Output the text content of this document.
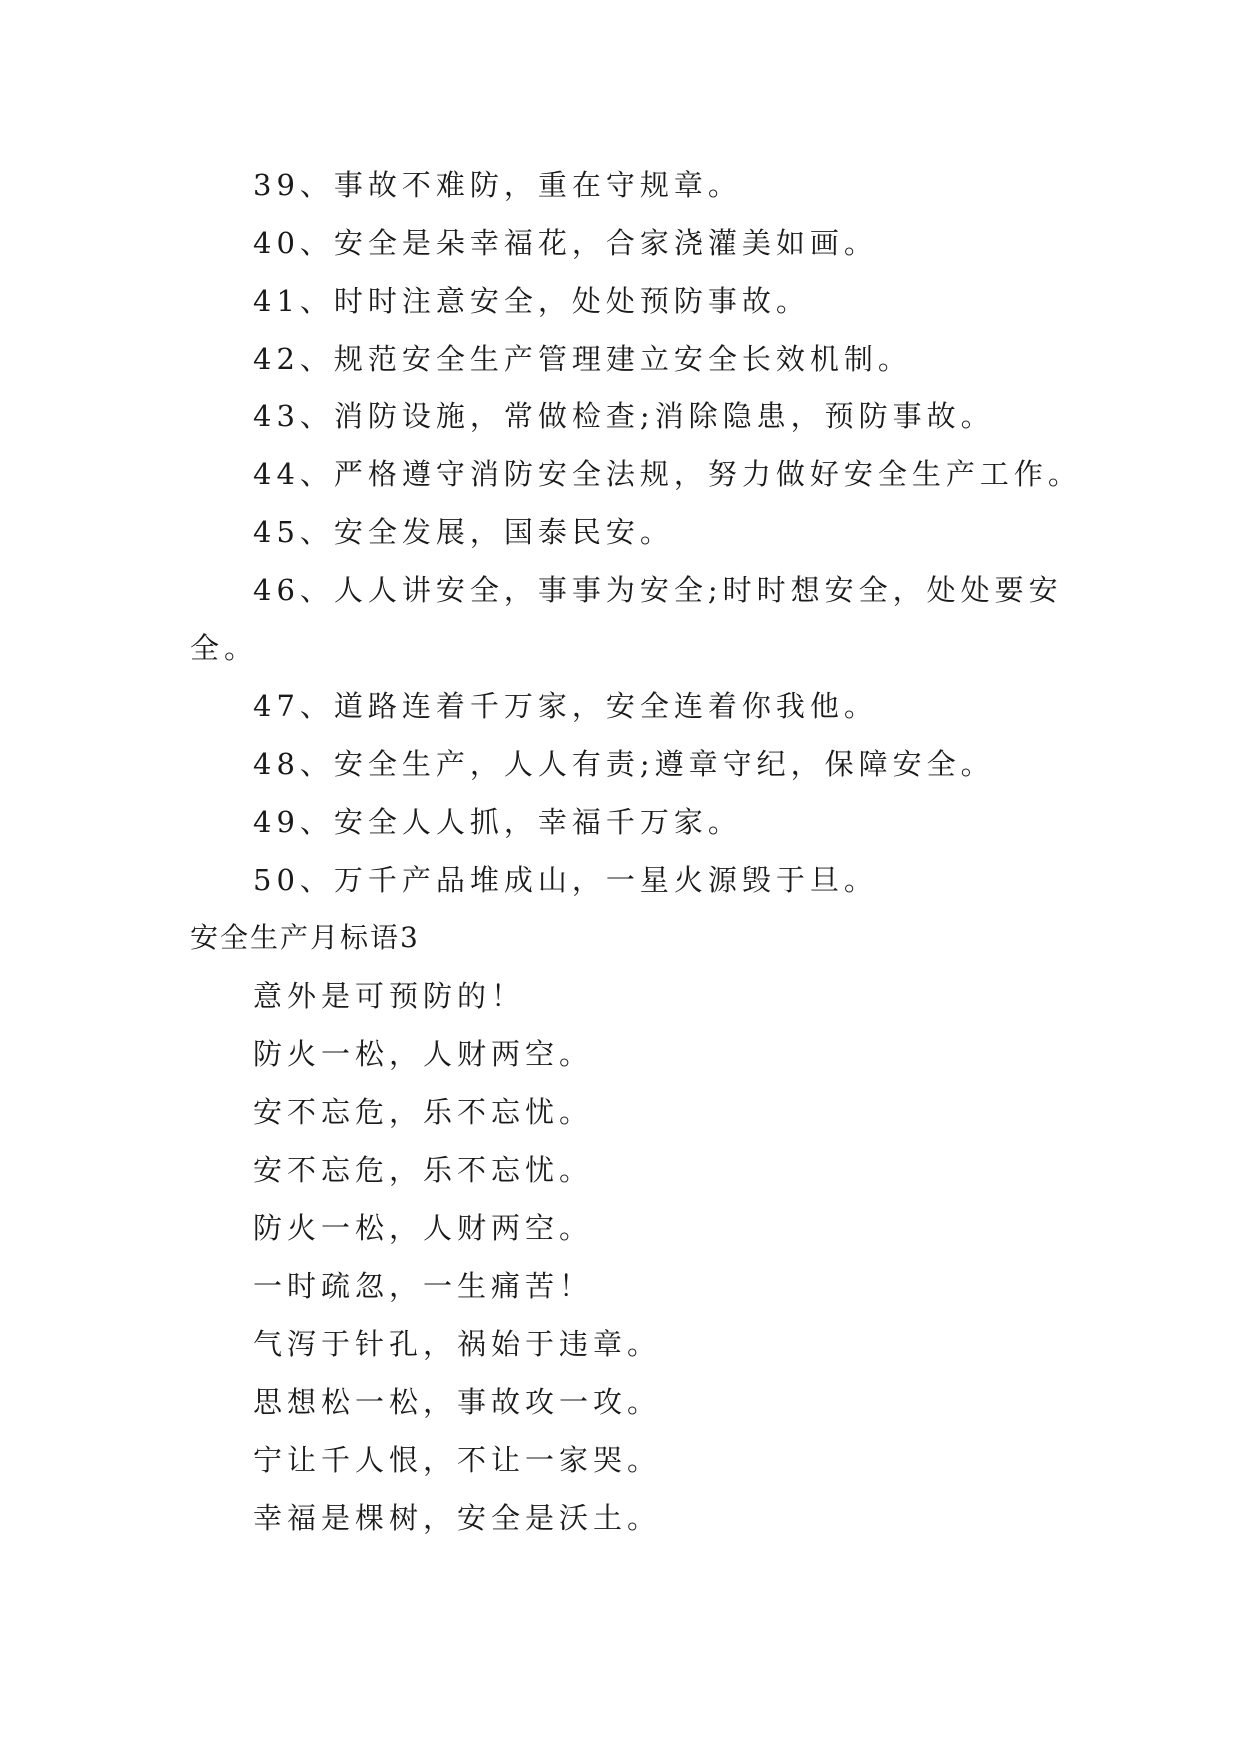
39、事故不难防，重在守规章。
40、安全是朵幸福花，合家浇灌美如画。
41、时时注意安全，处处预防事故。
42、规范安全生产管理建立安全长效机制。
43、消防设施，常做检查;消除隐患，预防事故。
44、严格遵守消防安全法规，努力做好安全生产工作。
45、安全发展，国泰民安。
46、人人讲安全，事事为安全;时时想安全，处处要安
全。
47、道路连着千万家，安全连着你我他。
48、安全生产，人人有责;遵章守纪，保障安全。
49、安全人人抓，幸福千万家。
50、万千产品堆成山，一星火源毁于旦。
安全生产月标语3
意外是可预防的！
防火一松，人财两空。
安不忘危，乐不忘忧。
安不忘危，乐不忘忧。
防火一松，人财两空。
一时疏忽，一生痛苦！
气泻于针孔，祸始于违章。
思想松一松，事故攻一攻。
宁让千人恨，不让一家哭。
幸福是棵树，安全是沃土。
